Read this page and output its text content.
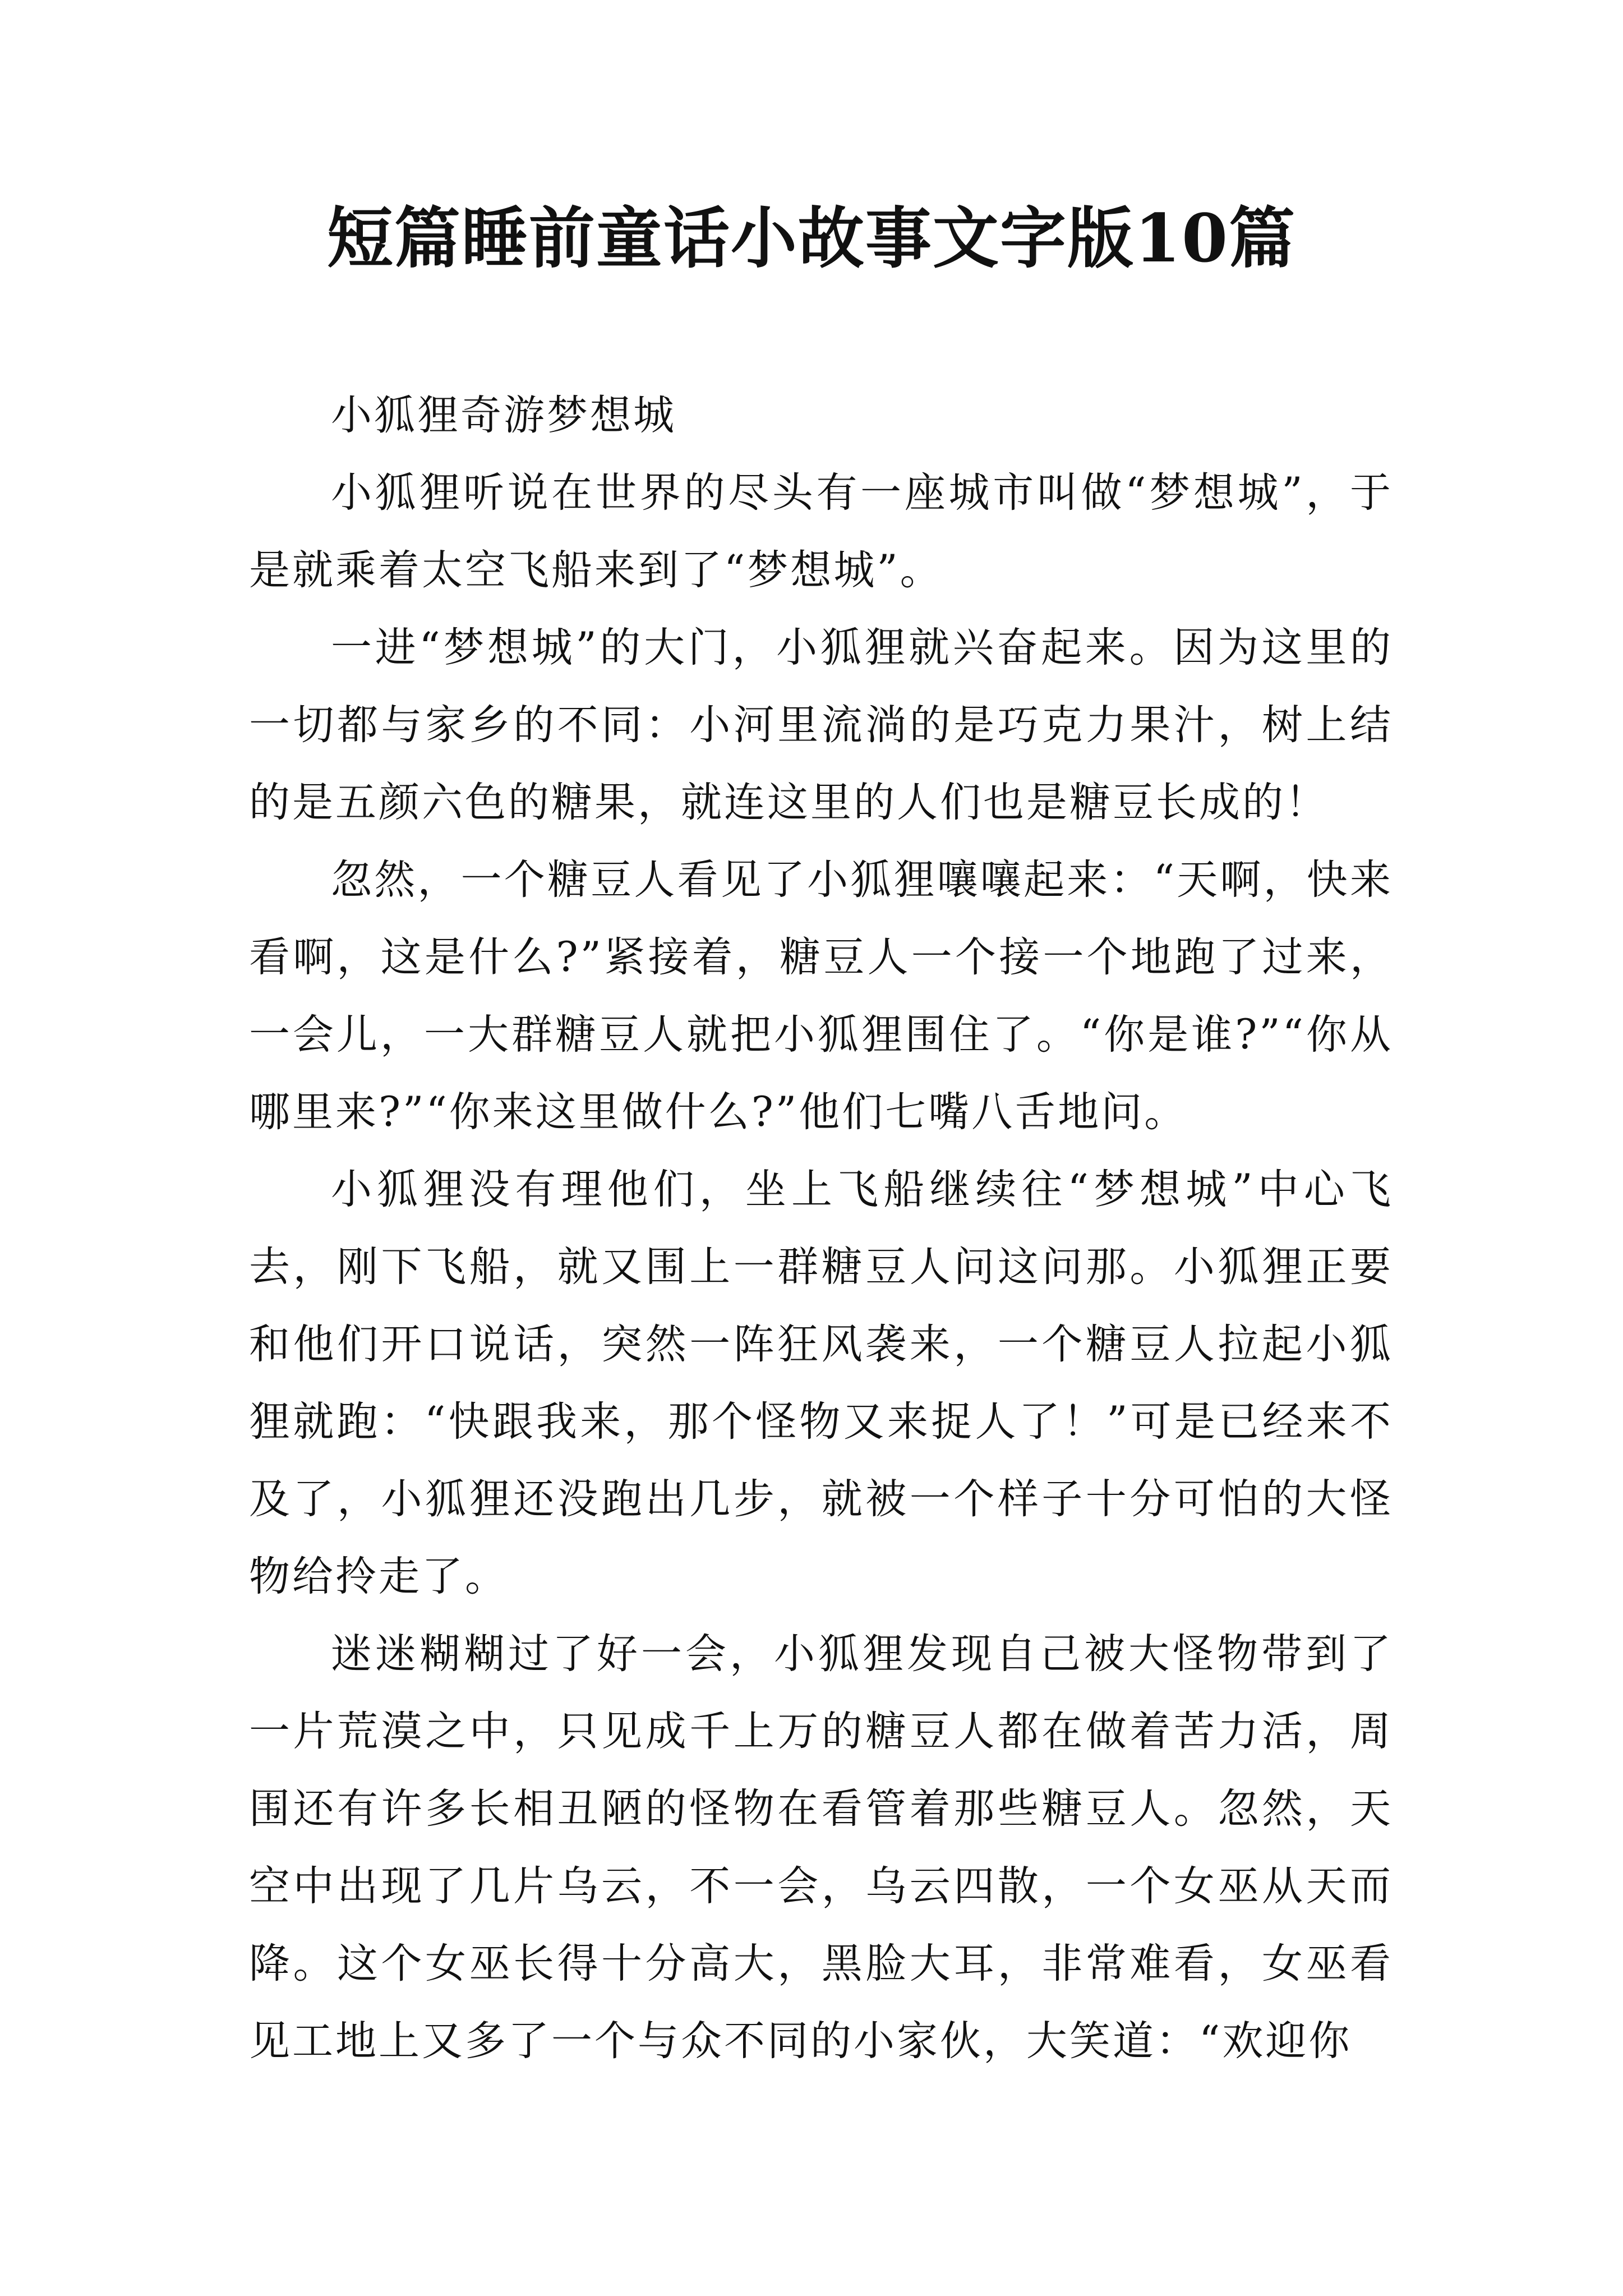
短篇睡前童话小故事文字版10篇

小狐狸奇游梦想城

小狐狸听说在世界的尽头有一座城市叫做“梦想城”，于是就乘着太空飞船来到了“梦想城”。

一进“梦想城”的大门，小狐狸就兴奋起来。因为这里的一切都与家乡的不同：小河里流淌的是巧克力果汁，树上结的是五颜六色的糖果，就连这里的人们也是糖豆长成的！

忽然，一个糖豆人看见了小狐狸嚷嚷起来：“天啊，快来看啊，这是什么?”紧接着，糖豆人一个接一个地跑了过来，一会儿，一大群糖豆人就把小狐狸围住了。“你是谁?”“你从哪里来?”“你来这里做什么?”他们七嘴八舌地问。

小狐狸没有理他们，坐上飞船继续往“梦想城”中心飞去，刚下飞船，就又围上一群糖豆人问这问那。小狐狸正要和他们开口说话，突然一阵狂风袭来，一个糖豆人拉起小狐狸就跑：“快跟我来，那个怪物又来捉人了！”可是已经来不及了，小狐狸还没跑出几步，就被一个样子十分可怕的大怪物给拎走了。

迷迷糊糊过了好一会，小狐狸发现自己被大怪物带到了一片荒漠之中，只见成千上万的糖豆人都在做着苦力活，周围还有许多长相丑陋的怪物在看管着那些糖豆人。忽然，天空中出现了几片乌云，不一会，乌云四散，一个女巫从天而降。这个女巫长得十分高大，黑脸大耳，非常难看，女巫看见工地上又多了一个与众不同的小家伙，大笑道：“欢迎你
